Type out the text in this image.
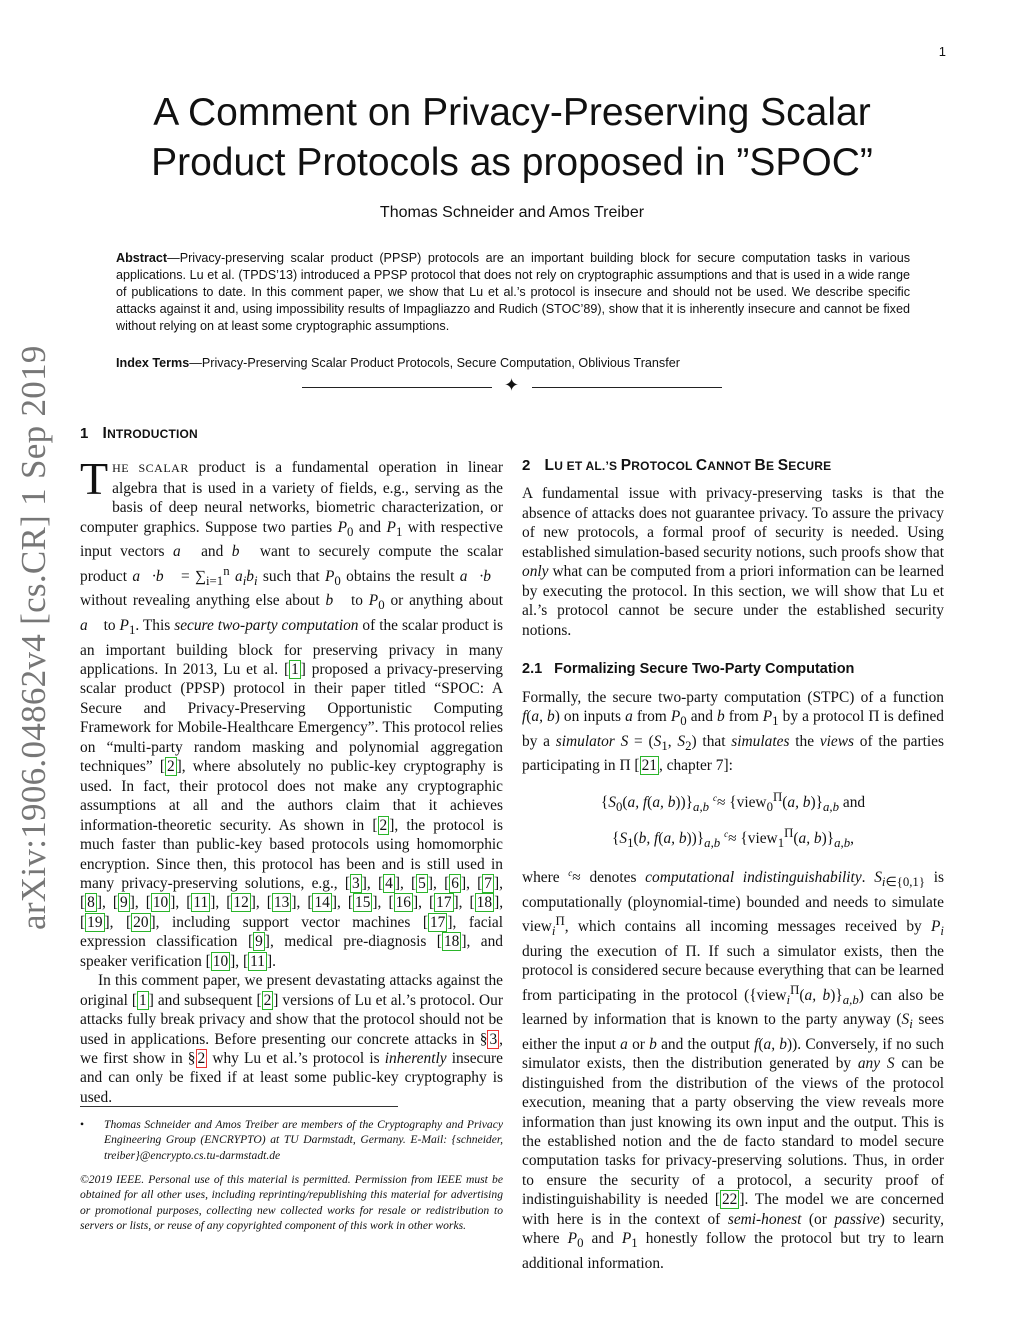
1
A Comment on Privacy-Preserving Scalar
Product Protocols as proposed in ”SPOC”
Thomas Schneider and Amos Treiber

Abstract—Privacy-preserving scalar product (PPSP) protocols are an important building block for secure computation tasks in various applications. Lu et al. (TPDS’13) introduced a PPSP protocol that does not rely on cryptographic assumptions and that is used in a wide range of publications to date. In this comment paper, we show that Lu et al.’s protocol is insecure and should not be used. We describe specific attacks against it and, using impossibility results of Impagliazzo and Rudich (STOC’89), show that it is inherently insecure and cannot be fixed without relying on at least some cryptographic assumptions.

Index Terms—Privacy-Preserving Scalar Product Protocols, Secure Computation, Oblivious Transfer

✦
arXiv:1906.04862v4 [cs.CR] 1 Sep 2019 1 INTRODUCTION

THE SCALAR product is a fundamental operation in linear algebra that is used in a variety of fields, e.g., serving as the basis of deep neural networks, biometric characterization, or computer graphics. Suppose two parties $P_0$ and $P_1$ with respective input vectors a⃗ and b⃗ want to securely compute the scalar product a⃗·b⃗ = $\sum_{i=1}^n$ $a_ib_i$ such that $P_0$ obtains the result a⃗·b⃗ without revealing anything else about b⃗ to $P_0$ or anything about a⃗ to $P_1$. This secure two-party computation of the scalar product is an important building block for preserving privacy in many applications. In 2013, Lu et al. [ 1 ] proposed a privacy-preserving scalar product (PPSP) protocol in their paper titled “SPOC: A Secure and Privacy-Preserving Opportunistic Computing Framework for Mobile-Healthcare Emergency”. This protocol relies on “multi-party random masking and polynomial aggregation techniques” [ 2 ], where absolutely no public-key cryptography is used. In fact, their protocol does not make any cryptographic assumptions at all and the authors claim that it achieves information-theoretic security. As shown in [ 2 ], the protocol is much faster than public-key based protocols using homomorphic encryption. Since then, this protocol has been and is still used in many privacy-preserving solutions, e.g., [ 3 ], [ 4 ], [ 5 ], [ 6 ], [ 7 ], [ 8 ], [ 9 ], [ 10 ], [ 11 ], [ 12 ], [ 13 ], [ 14 ], [ 15 ], [ 16 ], [ 17 ], [ 18 ], [ 19 ], [ 20 ], including support vector machines [ 17 ], facial expression classification [ 9 ], medical pre-diagnosis [ 18 ], and speaker verification [ 10 ], [ 11 ].

In this comment paper, we present devastating attacks against the original [ 1 ] and subsequent [ 2 ] versions of Lu et al.’s protocol. Our attacks fully break privacy and show that the protocol should not be used in applications. Before presenting our concrete attacks in § 3 , we first show in § 2 why Lu et al.’s protocol is inherently insecure and can only be fixed if at least some public-key cryptography is used.

• Thomas Schneider and Amos Treiber are members of the Cryptography and Privacy Engineering Group (ENCRYPTO) at TU Darmstadt, Germany. E-Mail: {schneider, treiber}@encrypto.cs.tu-darmstadt.de
©2019 IEEE. Personal use of this material is permitted. Permission from IEEE must be obtained for all other uses, including reprinting/republishing this material for advertising or promotional purposes, collecting new collected works for resale or redistribution to servers or lists, or reuse of any copyrighted component of this work in other works.
2 LU ET AL.’S PROTOCOL CANNOT BE SECURE

A fundamental issue with privacy-preserving tasks is that the absence of attacks does not guarantee privacy. To assure the privacy of new protocols, a formal proof of security is needed. Using established simulation-based security notions, such proofs show that only what can be computed from a priori information can be learned by executing the protocol. In this section, we will show that Lu et al.’s protocol cannot be secure under the established security notions.

2.1 Formalizing Secure Two-Party Computation

Formally, the secure two-party computation (STPC) of a function f(a, b) on inputs a from $P_0$ and b from $P_1$ by a protocol Π is defined by a simulator $S = (S_1$, $S_2$) that simulates the views of the parties participating in Π [ 21 , chapter 7]:

{$S_0(a$, f(a, $b))\}_{a,b}$ $^c$≈ {view$_0^\Pi$(a, $b)\}_{a,b}$ and
{$S_1(b$, f(a, $b))\}_{a,b}$ $^c$≈ {view$_1^\Pi$(a, $b)\}_{a,b}$,

where $^c$≈ denotes computational indistinguishability. $S_{i\in\{0,1\}}$ is computationally (ploynomial-time) bounded and needs to simulate view$_i^\Pi$, which contains all incoming messages received by $P_i$ during the execution of Π. If such a simulator exists, then the protocol is considered secure because everything that can be learned from participating in the protocol ({view$_i^\Pi$(a, $b)\}_{a,b}$) can also be learned by information that is known to the party anyway ($S_i$ sees either the input a or b and the output f(a, b)). Conversely, if no such simulator exists, then the distribution generated by any S can be distinguished from the distribution of the views of the protocol execution, meaning that a party observing the view reveals more information than just knowing its own input and the output. This is the established notion and the de facto standard to model secure computation tasks for privacy-preserving solutions. Thus, in order to ensure the security of a protocol, a security proof of indistinguishability is needed [ 22 ]. The model we are concerned with here is in the context of semi-honest (or passive) security, where $P_0$ and $P_1$ honestly follow the protocol but try to learn additional information.
